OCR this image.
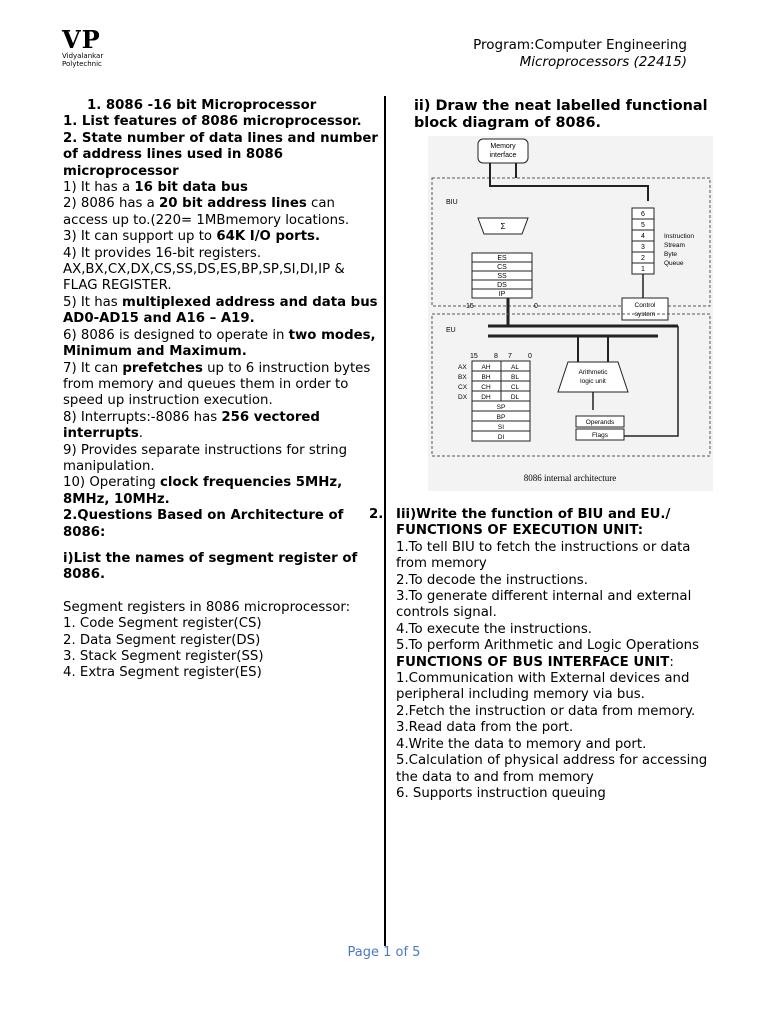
VP
Vidyalankar
Polytechnic
Program:Computer Engineering
Microprocessors (22415)
1. 8086 -16 bit Microprocessor
1. List features of 8086 microprocessor.
2. State number of data lines and number of address lines used in 8086 microprocessor
1) It has a 16 bit data bus
2) 8086 has a 20 bit address lines can access up to.(220= 1MBmemory locations.
3) It can support up to 64K I/O ports.
4) It provides 16-bit registers. AX,BX,CX,DX,CS,SS,DS,ES,BP,SP,SI,DI,IP & FLAG REGISTER.
5) It has multiplexed address and data bus AD0-AD15 and A16 – A19.
6) 8086 is designed to operate in two modes, Minimum and Maximum.
7) It can prefetches up to 6 instruction bytes from memory and queues them in order to speed up instruction execution.
8) Interrupts:-8086 has 256 vectored interrupts.
9) Provides separate instructions for string manipulation.
10) Operating clock frequencies 5MHz, 8MHz, 10MHz.
2.Questions Based on Architecture of 8086:
i)List the names of segment register of 8086.
Segment registers in 8086 microprocessor:
1. Code Segment register(CS)
2. Data Segment register(DS)
3. Stack Segment register(SS)
4. Extra Segment register(ES)
ii) Draw the neat labelled functional block diagram of 8086.
Memory
interface
BIU
Σ
ES
CS
SS
DS
IP
15	0
6
5
4
3
2
1
Instruction
Stream
Byte
Queue
Control
system
EU
15 8 7 0
AX
BX
CX
DX
AH
BH
CH
DH
AL
BL
CL
DL
SP
BP
SI
DI
Arithmetic
logic unit
Operands
Flags
8086 internal architecture
2. Iii)Write the function of BIU and EU./
FUNCTIONS OF EXECUTION UNIT:
1.To tell BIU to fetch the instructions or data from memory
2.To decode the instructions.
3.To generate different internal and external controls signal.
4.To execute the instructions.
5.To perform Arithmetic and Logic Operations
FUNCTIONS OF BUS INTERFACE UNIT:
1.Communication with External devices and peripheral including memory via bus.
2.Fetch the instruction or data from memory.
3.Read data from the port.
4.Write the data to memory and port.
5.Calculation of physical address for accessing the data to and from memory
6. Supports instruction queuing
Page 1 of 5
